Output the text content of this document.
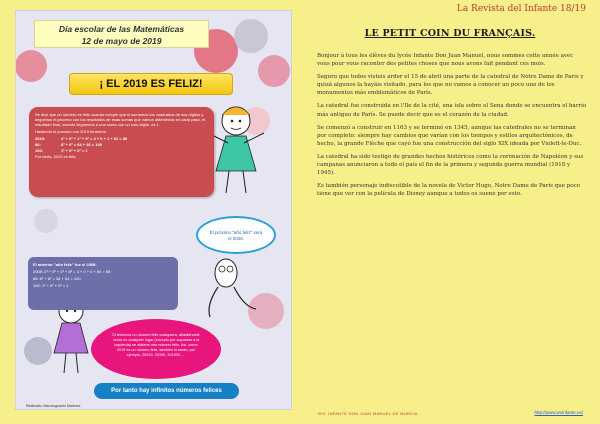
Día escolar de las Matemáticas
12 de mayo de 2019
¡ EL 2019 ES FELIZ!

Se dice que un número es feliz cuando cumple que si sumamos los cuadrados de sus dígitos y seguimos el proceso con los resultados de esas sumas que vamos obteniendo en cada paso, el resultado final, cuando lleguemos a una suma con un solo dígito, es 1.

Haciendo el proceso con 2019 tenemos:

2019:	2² + 0² + 1² + 9² = 4 + 0 + 1 + 81 = 86
86:	8² + 6² = 64 + 36 = 100
100:	1² + 0² + 0² = 1

Por tanto, 2019 es feliz.

El próximo "año feliz" será el 2026.
El anterior "año feliz" fue el 2008:
2008: 2² + 0² + 0² + 8² = 4 + 0 + 0 + 64 = 68
68: 6² + 8² = 36 + 64 = 100
100: 1² + 0² + 0² = 1
Si tenemos un número feliz cualquiera, añadiéndole ceros en cualquier lugar (excepto por supuesto a la izquierda) se obtiene otro número feliz. Así, como 2019 es un número feliz, también lo serán, por ejemplo, 20019, 20190, 201900, ...
Por tanto hay infinitos números felices
Realizado: Macotoguardo Martínez
La Revista del Infante 18/19
LE PETIT COIN DU FRANÇAIS.

Bonjour à tous les élèves du lycée Infante Don Juan Manuel, nous sommes cette année avec vous pour vous raconter des petites choses que nous avons fait pendant ces mois.

Seguro que todos visteis arder el 15 de abril una parte de la catedral de Notre Dame de Paris y quizá algunos la hayáis visitado, para los que no vamos a conocer un poco uno de los monumentos más emblemáticos de París.

La catedral fue construida en l'Ile de la cité, una isla sobre el Sena donde se encuentra el barrio más antiguo de París. Se puede decir que es el corazón de la ciudad.

Se comenzó a construir en 1163 y se terminó en 1345, aunque las catedrales no se terminan por completo: siempre hay cambios que varían con los tiempos y estilos arquitectónicos, de hecho, la grande Flèche que cayó fue una construcción del siglo XIX ideada por Violett-le-Duc.

La catedral ha sido testigo de grandes hechos históricos como la coronación de Napoléon y sus campanas anunciaron a todo el país el fin de la primera y segunda guerra mundial (1918 y 1945).

Es también personaje indiscutible de la novela de Victor Hugo, Notre Dame de Paris que poco tiene que ver con la película de Disney aunque a todos os suene por esto.

IES. INFANTE DON JUAN MANUEL DE MURCIA	http://www.iesinfante.es/
